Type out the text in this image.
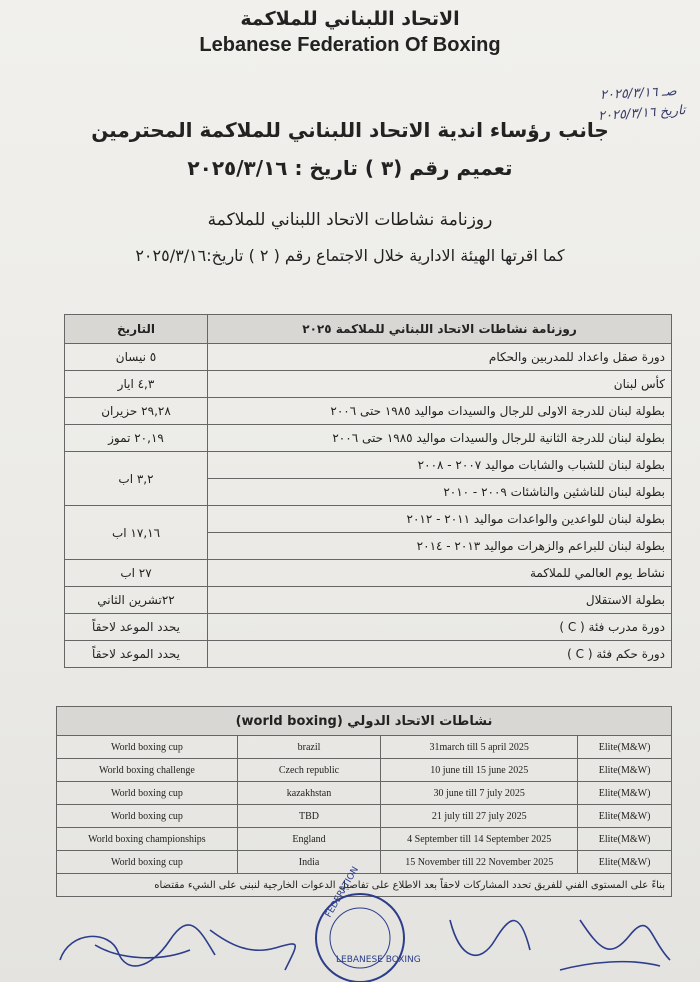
الاتحاد اللبناني للملاكمة
Lebanese Federation Of Boxing
صـ ٢٠٢٥/٣/١٦
تاريخ ٢٠٢٥/٣/١٦
جانب رؤساء اندية الاتحاد اللبناني للملاكمة المحترمين
تعميم رقم (٣ ) تاريخ : ٢٠٢٥/٣/١٦
روزنامة نشاطات الاتحاد اللبناني للملاكمة
كما اقرتها الهيئة الادارية خلال الاجتماع رقم ( ٢ ) تاريخ:٢٠٢٥/٣/١٦
روزنامة نشاطات الاتحاد اللبناني للملاكمة ٢٠٢٥	التاريخ
دورة صقل واعداد للمدربين والحكام	٥ نيسان
كأس لبنان	٤,٣ ايار
بطولة لبنان للدرجة الاولى للرجال والسيدات مواليد ١٩٨٥ حتى ٢٠٠٦	٢٩,٢٨ حزيران
بطولة لبنان للدرجة الثانية للرجال والسيدات مواليد ١٩٨٥ حتى ٢٠٠٦	٢٠,١٩ تموز
بطولة لبنان للشباب والشابات مواليد ٢٠٠٧ - ٢٠٠٨	٣,٢ اب
بطولة لبنان للناشئين والناشئات ٢٠٠٩ - ٢٠١٠	
بطولة لبنان للواعدين والواعدات مواليد ٢٠١١ - ٢٠١٢	١٧,١٦ اب
بطولة لبنان للبراعم والزهرات مواليد ٢٠١٣ - ٢٠١٤	
نشاط يوم العالمي للملاكمة	٢٧ اب
بطولة الاستقلال	٢٢تشرين الثاني
دورة مدرب فئة ( C )	يحدد الموعد لاحقاً
دورة حكم فئة ( C )	يحدد الموعد لاحقاً
نشاطات الاتحاد الدولي (world boxing)			
World boxing cup	brazil	31march till 5 april 2025	Elite(M&W)
World boxing challenge	Czech republic	10 june till 15 june 2025	Elite(M&W)
World boxing cup	kazakhstan	30 june till 7 july 2025	Elite(M&W)
World boxing cup	TBD	21 july till 27 july 2025	Elite(M&W)
World boxing championships	England	4 September till 14 September 2025	Elite(M&W)
World boxing cup	India	15 November till 22 November 2025	Elite(M&W)
بناءً على المستوى الفني للفريق تحدد المشاركات لاحقاً بعد الاطلاع على تفاصيل الدعوات الخارجية لنبنى على الشيء مقتضاه			
FEDERATION
LEBANESE BOXING
